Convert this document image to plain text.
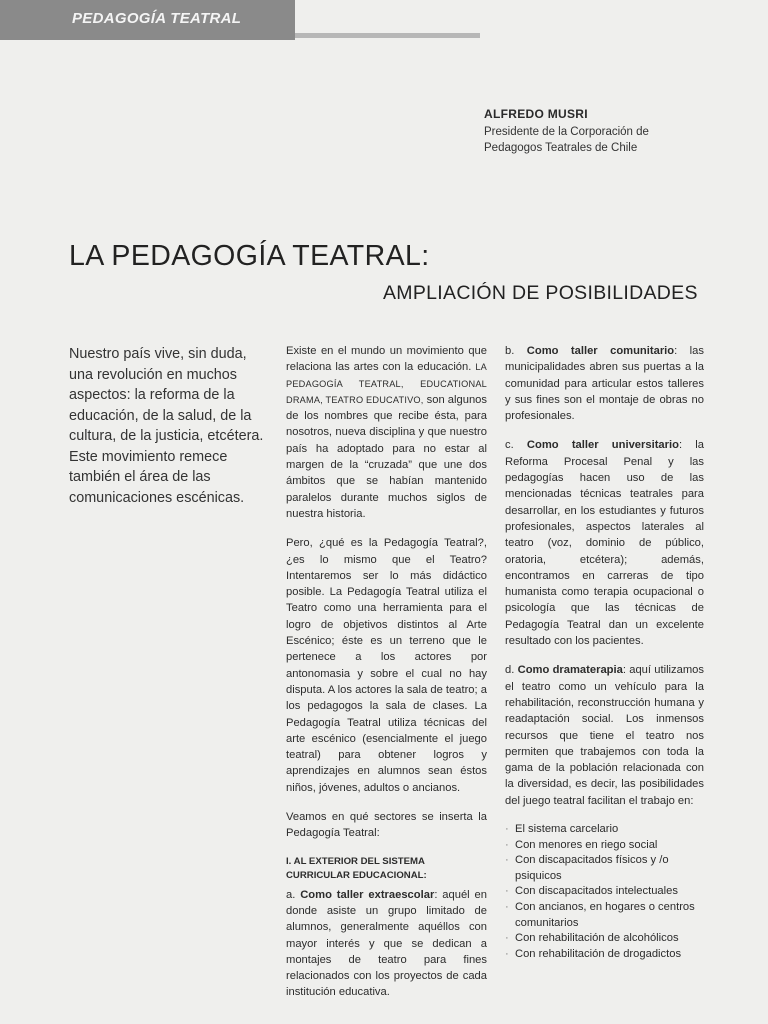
PEDAGOGÍA TEATRAL
ALFREDO MUSRI
Presidente de la Corporación de
Pedagogos Teatrales de Chile
LA PEDAGOGÍA TEATRAL:
AMPLIACIÓN DE POSIBILIDADES
Nuestro país vive, sin duda, una revolución en muchos aspectos: la reforma de la educación, de la salud, de la cultura, de la justicia, etcétera. Este movimiento remece también el área de las comunicaciones escénicas.

Existe en el mundo un movimiento que relaciona las artes con la educación. LA PEDAGOGÍA TEATRAL, EDUCATIONAL DRAMA, TEATRO EDUCATIVO, son algunos de los nombres que recibe ésta, para nosotros, nueva disciplina y que nuestro país ha adoptado para no estar al margen de la “cruzada” que une dos ámbitos que se habían mantenido paralelos durante muchos siglos de nuestra historia.

Pero, ¿qué es la Pedagogía Teatral?, ¿es lo mismo que el Teatro? Intentaremos ser lo más didáctico posible. La Pedagogía Teatral utiliza el Teatro como una herramienta para el logro de objetivos distintos al Arte Escénico; éste es un terreno que le pertenece a los actores por antonomasia y sobre el cual no hay disputa. A los actores la sala de teatro; a los pedagogos la sala de clases. La Pedagogía Teatral utiliza técnicas del arte escénico (esencialmente el juego teatral) para obtener logros y aprendizajes en alumnos sean éstos niños, jóvenes, adultos o ancianos.

Veamos en qué sectores se inserta la Pedagogía Teatral:

I. AL EXTERIOR DEL SISTEMA CURRICULAR EDUCACIONAL:

a. Como taller extraescolar: aquél en donde asiste un grupo limitado de alumnos, generalmente aquéllos con mayor interés y que se dedican a montajes de teatro para fines relacionados con los proyectos de cada institución educativa.

b. Como taller comunitario: las municipalidades abren sus puertas a la comunidad para articular estos talleres y sus fines son el montaje de obras no profesionales.

c. Como taller universitario: la Reforma Procesal Penal y las pedagogías hacen uso de las mencionadas técnicas teatrales para desarrollar, en los estudiantes y futuros profesionales, aspectos laterales al teatro (voz, dominio de público, oratoria, etcétera); además, encontramos en carreras de tipo humanista como terapia ocupacional o psicología que las técnicas de Pedagogía Teatral dan un excelente resultado con los pacientes.

d. Como dramaterapia: aquí utilizamos el teatro como un vehículo para la rehabilitación, reconstrucción humana y readaptación social. Los inmensos recursos que tiene el teatro nos permiten que trabajemos con toda la gama de la población relacionada con la diversidad, es decir, las posibilidades del juego teatral facilitan el trabajo en:

· El sistema carcelario
· Con menores en riego social
· Con discapacitados físicos y /o psiquicos
· Con discapacitados intelectuales
· Con ancianos, en hogares o centros comunitarios
· Con rehabilitación de alcohólicos
· Con rehabilitación de drogadictos
